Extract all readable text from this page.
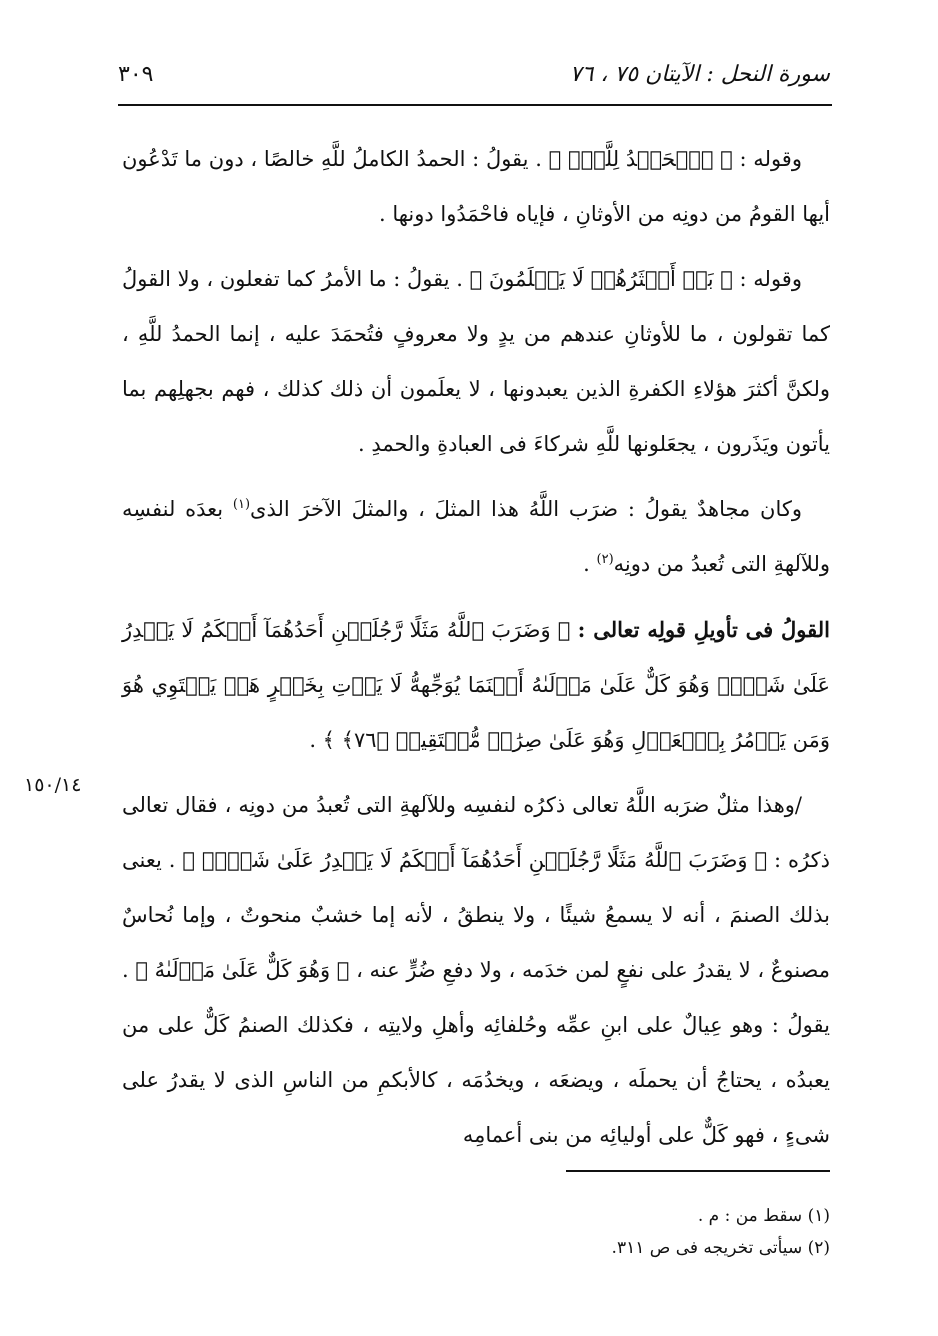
سورة النحل : الآيتان ٧٥ ، ٧٦
٣٠٩

وقوله : ﴿ ٱلۡحَمۡدُ لِلَّهِۚ ﴾ . يقولُ : الحمدُ الكاملُ للَّهِ خالصًا ، دون ما تَدْعُون أيها القومُ من دونِه من الأوثانِ ، فإياه فاحْمَدُوا دونها .

وقوله : ﴿ بَلۡ أَكۡثَرُهُمۡ لَا يَعۡلَمُونَ ﴾ . يقولُ : ما الأمرُ كما تفعلون ، ولا القولُ كما تقولون ، ما للأوثانِ عندهم من يدٍ ولا معروفٍ فتُحمَدَ عليه ، إنما الحمدُ للَّهِ ، ولكنَّ أكثرَ هؤلاءِ الكفرةِ الذين يعبدونها ، لا يعلَمون أن ذلك كذلك ، فهم بجهلِهم بما يأتون ويَذَرون ، يجعَلونها للَّهِ شركاءَ فى العبادةِ والحمدِ .

وكان مجاهدٌ يقولُ : ضرَب اللَّهُ هذا المثلَ ، والمثلَ الآخرَ الذى$^{(١)}$ بعدَه لنفسِه وللآلهةِ التى تُعبدُ من دونِه$^{(٢)}$ .

القولُ فى تأويلِ قولِه تعالى : ﴿ وَضَرَبَ ٱللَّهُ مَثَلًا رَّجُلَيۡنِ أَحَدُهُمَآ أَبۡكَمُ لَا يَقۡدِرُ عَلَىٰ شَيۡءٖ وَهُوَ كَلٌّ عَلَىٰ مَوۡلَىٰهُ أَيۡنَمَا يُوَجِّههُّ لَا يَأۡتِ بِخَيۡرٍ هَلۡ يَسۡتَوِي هُوَ وَمَن يَأۡمُرُ بِٱلۡعَدۡلِ وَهُوَ عَلَىٰ صِرَٰطٖ مُّسۡتَقِيمٖ ﴿٧٦﴾ ﴾ .

/وهذا مثلٌ ضرَبه اللَّهُ تعالى ذكرُه لنفسِه وللآلهةِ التى تُعبدُ من دونِه ، فقال تعالى ذكرُه : ﴿ وَضَرَبَ ٱللَّهُ مَثَلًا رَّجُلَيۡنِ أَحَدُهُمَآ أَبۡكَمُ لَا يَقۡدِرُ عَلَىٰ شَيۡءٖ ﴾ . يعنى بذلك الصنمَ ، أنه لا يسمعُ شيئًا ، ولا ينطقُ ، لأنه إما خشبٌ منحوتٌ ، وإما نُحاسٌ مصنوعٌ ، لا يقدرُ على نفعٍ لمن خدَمه ، ولا دفعِ ضُرٍّ عنه ، ﴿ وَهُوَ كَلٌّ عَلَىٰ مَوۡلَىٰهُ ﴾ . يقولُ : وهو عِيالٌ على ابنِ عمِّه وحُلفائِه وأهلِ ولايتِه ، فكذلك الصنمُ كَلٌّ على من يعبدُه ، يحتاجُ أن يحملَه ، ويضعَه ، ويخدُمَه ، كالأبكمِ من الناسِ الذى لا يقدرُ على شىءٍ ، فهو كَلٌّ على أوليائِه من بنى أعمامِه

١٥٠/١٤
(١) سقط من : م .
(٢) سيأتى تخريجه فى ص ٣١١.
